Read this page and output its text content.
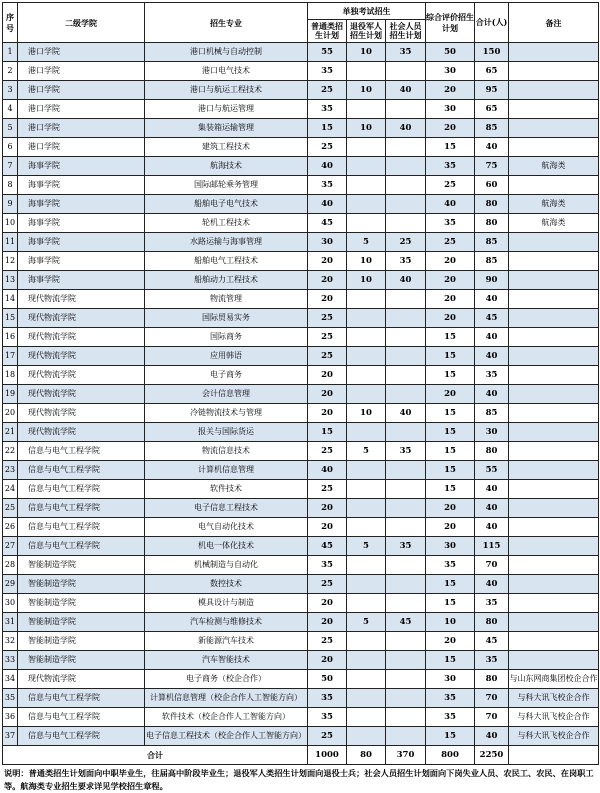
序号	二级学院	招生专业	单独考试招生			综合评价招生计划	合计(人)	备注
			普通类招生计划	退役军人招生计划	社会人员招生计划			
1	港口学院	港口机械与自动控制	55	10	35	50	150	
2	港口学院	港口电气技术	35			30	65	
3	港口学院	港口与航运工程技术	25	10	40	20	95	
4	港口学院	港口与航运管理	35			30	65	
5	港口学院	集装箱运输管理	15	10	40	20	85	
6	港口学院	建筑工程技术	25			15	40	
7	海事学院	航海技术	40			35	75	航海类
8	海事学院	国际邮轮乘务管理	35			25	60	
9	海事学院	船舶电子电气技术	40			40	80	航海类
10	海事学院	轮机工程技术	45			35	80	航海类
11	海事学院	水路运输与海事管理	30	5	25	25	85	
12	海事学院	船舶电气工程技术	20	10	35	20	85	
13	海事学院	船舶动力工程技术	20	10	40	20	90	
14	现代物流学院	物流管理	20			20	40	
15	现代物流学院	国际贸易实务	25			20	45	
16	现代物流学院	国际商务	25			15	40	
17	现代物流学院	应用韩语	25			15	40	
18	现代物流学院	电子商务	20			15	35	
19	现代物流学院	会计信息管理	20			20	40	
20	现代物流学院	冷链物流技术与管理	20	10	40	15	85	
21	现代物流学院	报关与国际货运	15			15	30	
22	信息与电气工程学院	物流信息技术	25	5	35	15	80	
23	信息与电气工程学院	计算机信息管理	40			15	55	
24	信息与电气工程学院	软件技术	25			15	40	
25	信息与电气工程学院	电子信息工程技术	20			20	40	
26	信息与电气工程学院	电气自动化技术	20			20	40	
27	信息与电气工程学院	机电一体化技术	45	5	35	30	115	
28	智能制造学院	机械制造与自动化	35			35	70	
29	智能制造学院	数控技术	25			15	40	
30	智能制造学院	模具设计与制造	20			15	35	
31	智能制造学院	汽车检测与维修技术	20	5	45	10	80	
32	智能制造学院	新能源汽车技术	25			20	45	
33	智能制造学院	汽车智能技术	20			15	35	
34	现代物流学院	电子商务（校企合作）	50			30	80	与山东网商集团校企合作
35	信息与电气工程学院	计算机信息管理（校企合作人工智能方向）	35			35	70	与科大讯飞校企合作
36	信息与电气工程学院	软件技术（校企合作人工智能方向）	35			35	70	与科大讯飞校企合作
37	信息与电气工程学院	电子信息工程技术（校企合作人工智能方向）	25			15	40	与科大讯飞校企合作
合计			1000	80	370	800	2250	
说明：普通类招生计划面向中职毕业生，往届高中阶段毕业生；退役军人类招生计划面向退役士兵；社会人员招生计划面向下岗失业人员、农民工、农民、在岗职工等。航海类专业招生要求详见学校招生章程。
